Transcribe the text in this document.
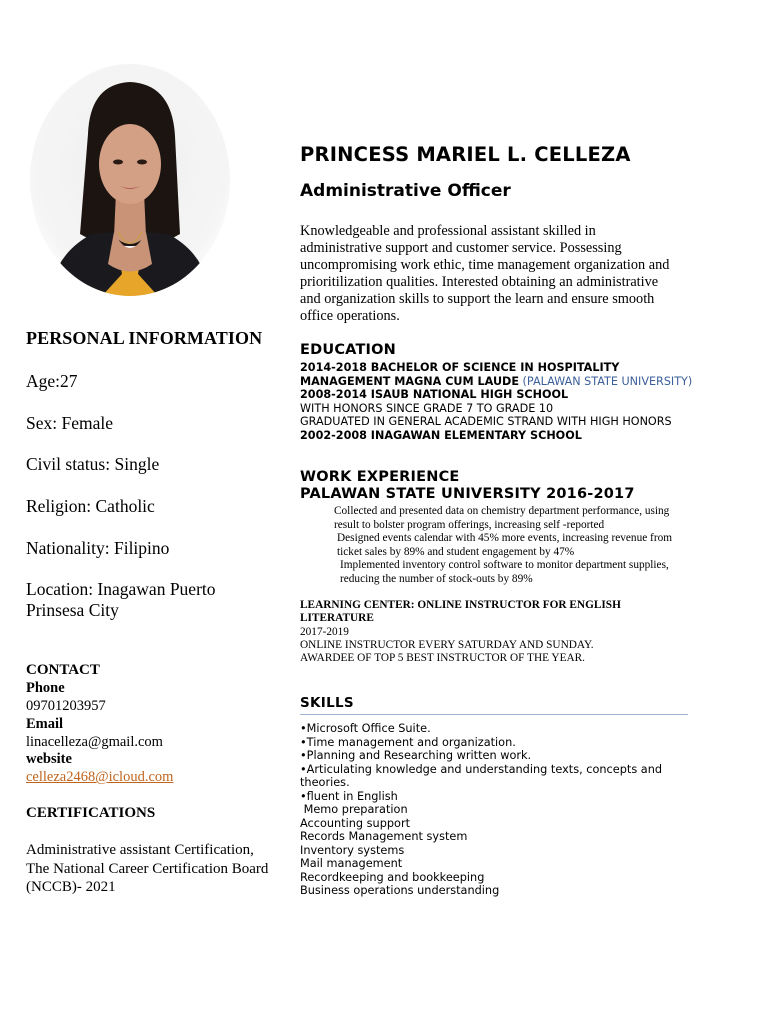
PERSONAL INFORMATION
Age:27
Sex: Female
Civil status: Single
Religion: Catholic
Nationality: Filipino
Location: Inagawan Puerto Prinsesa City
CONTACT
Phone
09701203957
Email
linacelleza@gmail.com
website
celleza2468@icloud.com
CERTIFICATIONS
Administrative assistant Certification, The National Career Certification Board (NCCB)- 2021
PRINCESS MARIEL L. CELLEZA
Administrative Officer
Knowledgeable and professional assistant skilled in administrative support and customer service. Possessing uncompromising work ethic, time management organization and prioritilization qualities. Interested obtaining an administrative and organization skills to support the learn and ensure smooth office operations.
EDUCATION
2014-2018 BACHELOR OF SCIENCE IN HOSPITALITY MANAGEMENT MAGNA CUM LAUDE (PALAWAN STATE UNIVERSITY)
2008-2014 ISAUB NATIONAL HIGH SCHOOL
WITH HONORS SINCE GRADE 7 TO GRADE 10
GRADUATED IN GENERAL ACADEMIC STRAND WITH HIGH HONORS
2002-2008 INAGAWAN ELEMENTARY SCHOOL
WORK EXPERIENCE
PALAWAN STATE UNIVERSITY 2016-2017
Collected and presented data on chemistry department performance, using result to bolster program offerings, increasing self -reported
Designed events calendar with 45% more events, increasing revenue from ticket sales by 89% and student engagement by 47%
Implemented inventory control software to monitor department supplies, reducing the number of stock-outs by 89%
LEARNING CENTER: ONLINE INSTRUCTOR FOR ENGLISH LITERATURE
2017-2019
ONLINE INSTRUCTOR EVERY SATURDAY AND SUNDAY.
AWARDEE OF TOP 5 BEST INSTRUCTOR OF THE YEAR.
SKILLS
•Microsoft Office Suite.
•Time management and organization.
•Planning and Researching written work.
•Articulating knowledge and understanding texts, concepts and theories.
•fluent in English
Memo preparation
Accounting support
Records Management system
Inventory systems
Mail management
Recordkeeping and bookkeeping
Business operations understanding
